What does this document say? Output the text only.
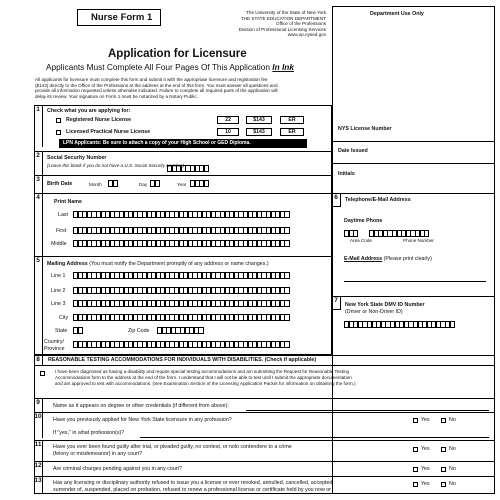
Nurse Form 1	The University of the State of New York
THE STATE EDUCATION DEPARTMENT
Office of the Professions
Division of Professional Licensing Services
www.op.nysed.gov
Application for Licensure
Applicants Must Complete All Four Pages Of This Application In Ink
Department Use Only
All applicants for licensure must complete this form and submit it with the appropriate licensure and registration fee
($143) directly to the Office of the Professions at the address at the end of this form. You must answer all questions and
provide all information requested unless otherwise indicated. Failure to complete all required parts of the application will
delay its review. Your signature on Form 1 must be notarized by a Notary Public.
1	Check what you are applying for:
Registered Nurse License	22	$143	ER
Licensed Practical Nurse License	10	$143	ER
LPN Applicants: Be sure to attach a copy of your High School or GED Diploma.
2	Social Security Number
(Leave this blank if you do not have a U.S. Social Security Number)
3
Birth Date	Month	Day	Year
4
Print Name
Last
First
Middle
5	Mailing Address (You must notify the Department promptly of any address or name changes.)
Line 1
Line 2
Line 3
City
State	Zip Code
Country/
Province
NYS License Number
Date Issued
Initials
6	Telephone/E-Mail Address
Daytime Phone
Area Code	Phone Number
E-Mail Address (Please print clearly)
7
New York State DMV ID Number
(Driver or Non-Driver ID)
8	REASONABLE TESTING ACCOMMODATIONS FOR INDIVIDUALS WITH DISABILITIES. (Check if applicable)
I have been diagnosed as having a disability and require special testing accommodations and am submitting the Request for Reasonable Testing
Accommodations form to the address at the end of the form. I understand that I will not be able to test until I submit the appropriate documentation
and am approved to test with accommodations. (See Examination Section of the Licensing Application Packet for information on obtaining the form.)
9	Name as it appears on degree or other credentials (if different from above):
10 Have you previously applied for New York State licensure in any profession?	Yes	No
If "yes," in what profession(s)?
11 Have you ever been found guilty after trial, or pleaded guilty, no contest, or nolo contendere to a crime
(felony or misdemeanor) in any court?
Yes	No
12 Are criminal charges pending against you in any court?	Yes	No
13 Has any licensing or disciplinary authority refused to issue you a license or ever revoked, annulled, cancelled, accepted
surrender of, suspended, placed on probation, refused to renew a professional license or certificate held by you now or
Yes	No
